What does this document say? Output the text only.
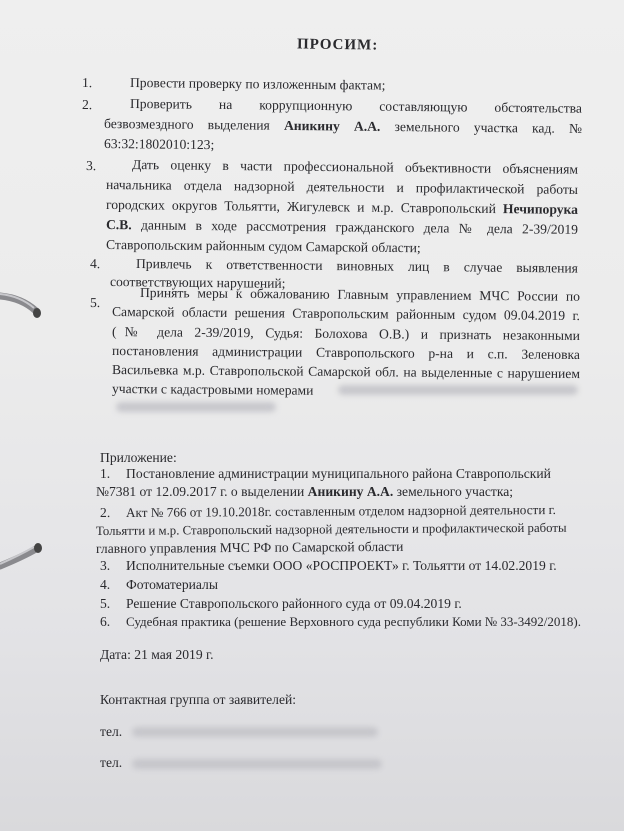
ПРОСИМ:
1.	Провести проверку по изложенным фактам;
2.	Проверить на коррупционную составляющую обстоятельства
безвозмездного выделения Аникину А.А. земельного участка кад. №
63:32:1802010:123;
3.	Дать оценку в части профессиональной объективности объяснениям
начальника отдела надзорной деятельности и профилактической работы
городских округов Тольятти, Жигулевск и м.р. Ставропольский Нечипорука
С.В. данным в ходе рассмотрения гражданского дела № дела 2-39/2019
Ставропольским районным судом Самарской области;
4.	Привлечь к ответственности виновных лиц в случае выявления
соответствующих нарушений;
5.	Принять меры к обжалованию Главным управлением МЧС России по
Самарской области решения Ставропольским районным судом 09.04.2019 г.
(№ дела 2-39/2019, Судья: Болохова О.В.) и признать незаконными
постановления администрации Ставропольского р-на и с.п. Зеленовка
Васильевка м.р. Ставропольской Самарской обл. на выделенные с нарушением
участки с кадастровыми номерами
Приложение:
1. Постановление администрации муниципального района Ставропольский
№7381 от 12.09.2017 г. о выделении Аникину А.А. земельного участка;
2. Акт № 766 от 19.10.2018г. составленным отделом надзорной деятельности г.
Тольятти и м.р. Ставропольский надзорной деятельности и профилактической работы
главного управления МЧС РФ по Самарской области
3. Исполнительные съемки ООО «РОСПРОЕКТ» г. Тольятти от 14.02.2019 г.
4. Фотоматериалы
5. Решение Ставропольского районного суда от 09.04.2019 г.
6. Судебная практика (решение Верховного суда республики Коми № 33-3492/2018).
Дата: 21 мая 2019 г.
Контактная группа от заявителей:
тел.
тел.
